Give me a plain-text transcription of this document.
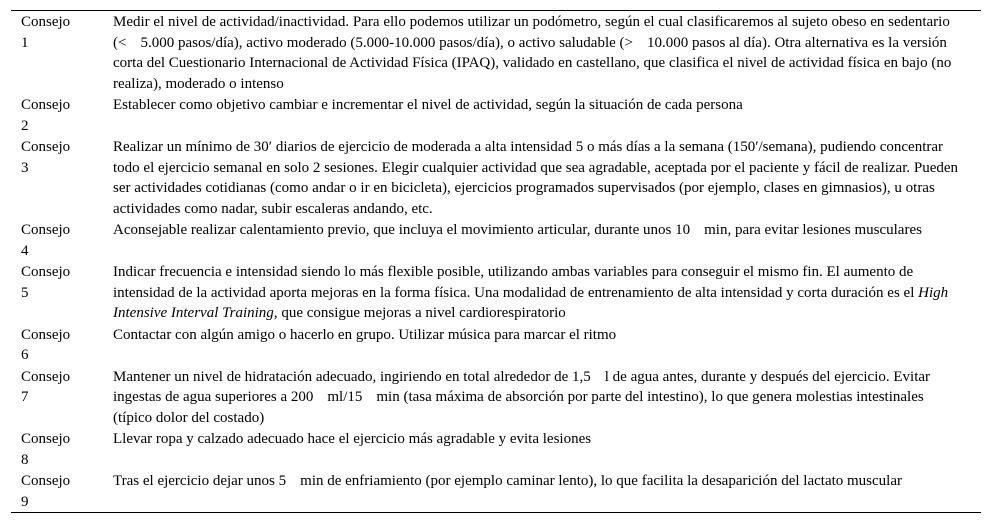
Consejo
1	Medir el nivel de actividad/inactividad. Para ello podemos utilizar un podómetro, según el cual clasificaremos al sujeto obeso en sedentario (< 5.000 pasos/día), activo moderado (5.000-10.000 pasos/día), o activo saludable (> 10.000 pasos al día). Otra alternativa es la versión corta del Cuestionario Internacional de Actividad Física (IPAQ), validado en castellano, que clasifica el nivel de actividad física en bajo (no realiza), moderado o intenso

Consejo
2	Establecer como objetivo cambiar e incrementar el nivel de actividad, según la situación de cada persona

Consejo
3	Realizar un mínimo de 30′ diarios de ejercicio de moderada a alta intensidad 5 o más días a la semana (150′/semana), pudiendo concentrar todo el ejercicio semanal en solo 2 sesiones. Elegir cualquier actividad que sea agradable, aceptada por el paciente y fácil de realizar. Pueden ser actividades cotidianas (como andar o ir en bicicleta), ejercicios programados supervisados (por ejemplo, clases en gimnasios), u otras actividades como nadar, subir escaleras andando, etc.

Consejo
4	Aconsejable realizar calentamiento previo, que incluya el movimiento articular, durante unos 10 min, para evitar lesiones musculares

Consejo
5	Indicar frecuencia e intensidad siendo lo más flexible posible, utilizando ambas variables para conseguir el mismo fin. El aumento de intensidad de la actividad aporta mejoras en la forma física. Una modalidad de entrenamiento de alta intensidad y corta duración es el High Intensive Interval Training, que consigue mejoras a nivel cardiorespiratorio

Consejo
6	Contactar con algún amigo o hacerlo en grupo. Utilizar música para marcar el ritmo

Consejo
7	Mantener un nivel de hidratación adecuado, ingiriendo en total alrededor de 1,5 l de agua antes, durante y después del ejercicio. Evitar ingestas de agua superiores a 200 ml/15 min (tasa máxima de absorción por parte del intestino), lo que genera molestias intestinales (típico dolor del costado)

Consejo
8	Llevar ropa y calzado adecuado hace el ejercicio más agradable y evita lesiones

Consejo
9	Tras el ejercicio dejar unos 5 min de enfriamiento (por ejemplo caminar lento), lo que facilita la desaparición del lactato muscular
